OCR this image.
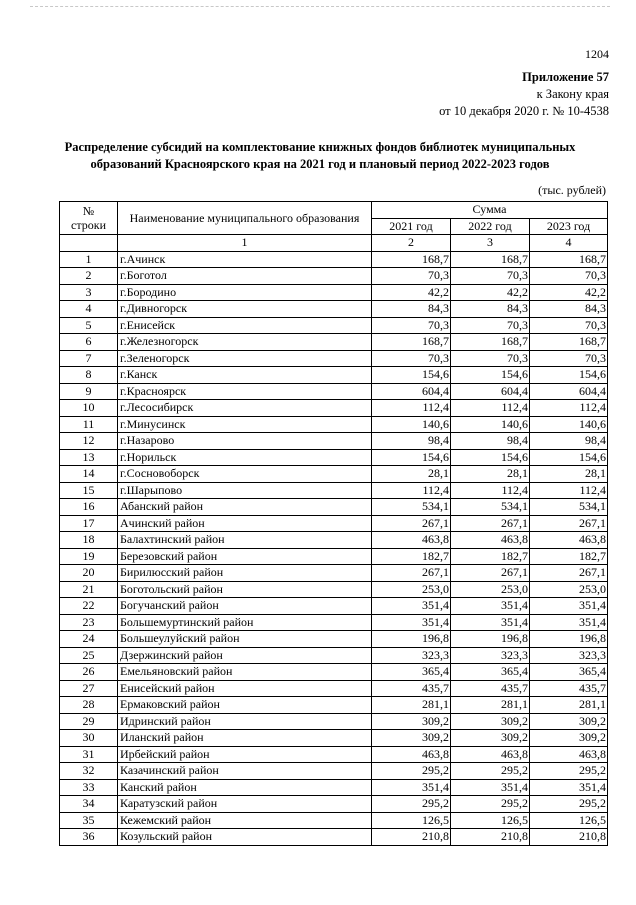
1204
Приложение 57
к Закону края
от 10 декабря 2020 г. № 10-4538
Распределение субсидий на комплектование книжных фондов библиотек муниципальных
образований Красноярского края на 2021 год и плановый период 2022-2023 годов
(тыс. рублей)
№
строки	Наименование муниципального образования	Сумма		
		2021 год	2022 год	2023 год
	1	2	3	4
1	г.Ачинск	168,7	168,7	168,7
2	г.Боготол	70,3	70,3	70,3
3	г.Бородино	42,2	42,2	42,2
4	г.Дивногорск	84,3	84,3	84,3
5	г.Енисейск	70,3	70,3	70,3
6	г.Железногорск	168,7	168,7	168,7
7	г.Зеленогорск	70,3	70,3	70,3
8	г.Канск	154,6	154,6	154,6
9	г.Красноярск	604,4	604,4	604,4
10	г.Лесосибирск	112,4	112,4	112,4
11	г.Минусинск	140,6	140,6	140,6
12	г.Назарово	98,4	98,4	98,4
13	г.Норильск	154,6	154,6	154,6
14	г.Сосновоборск	28,1	28,1	28,1
15	г.Шарыпово	112,4	112,4	112,4
16	Абанский район	534,1	534,1	534,1
17	Ачинский район	267,1	267,1	267,1
18	Балахтинский район	463,8	463,8	463,8
19	Березовский район	182,7	182,7	182,7
20	Бирилюсский район	267,1	267,1	267,1
21	Боготольский район	253,0	253,0	253,0
22	Богучанский район	351,4	351,4	351,4
23	Большемуртинский район	351,4	351,4	351,4
24	Большеулуйский район	196,8	196,8	196,8
25	Дзержинский район	323,3	323,3	323,3
26	Емельяновский район	365,4	365,4	365,4
27	Енисейский район	435,7	435,7	435,7
28	Ермаковский район	281,1	281,1	281,1
29	Идринский район	309,2	309,2	309,2
30	Иланский район	309,2	309,2	309,2
31	Ирбейский район	463,8	463,8	463,8
32	Казачинский район	295,2	295,2	295,2
33	Канский район	351,4	351,4	351,4
34	Каратузский район	295,2	295,2	295,2
35	Кежемский район	126,5	126,5	126,5
36	Козульский район	210,8	210,8	210,8
